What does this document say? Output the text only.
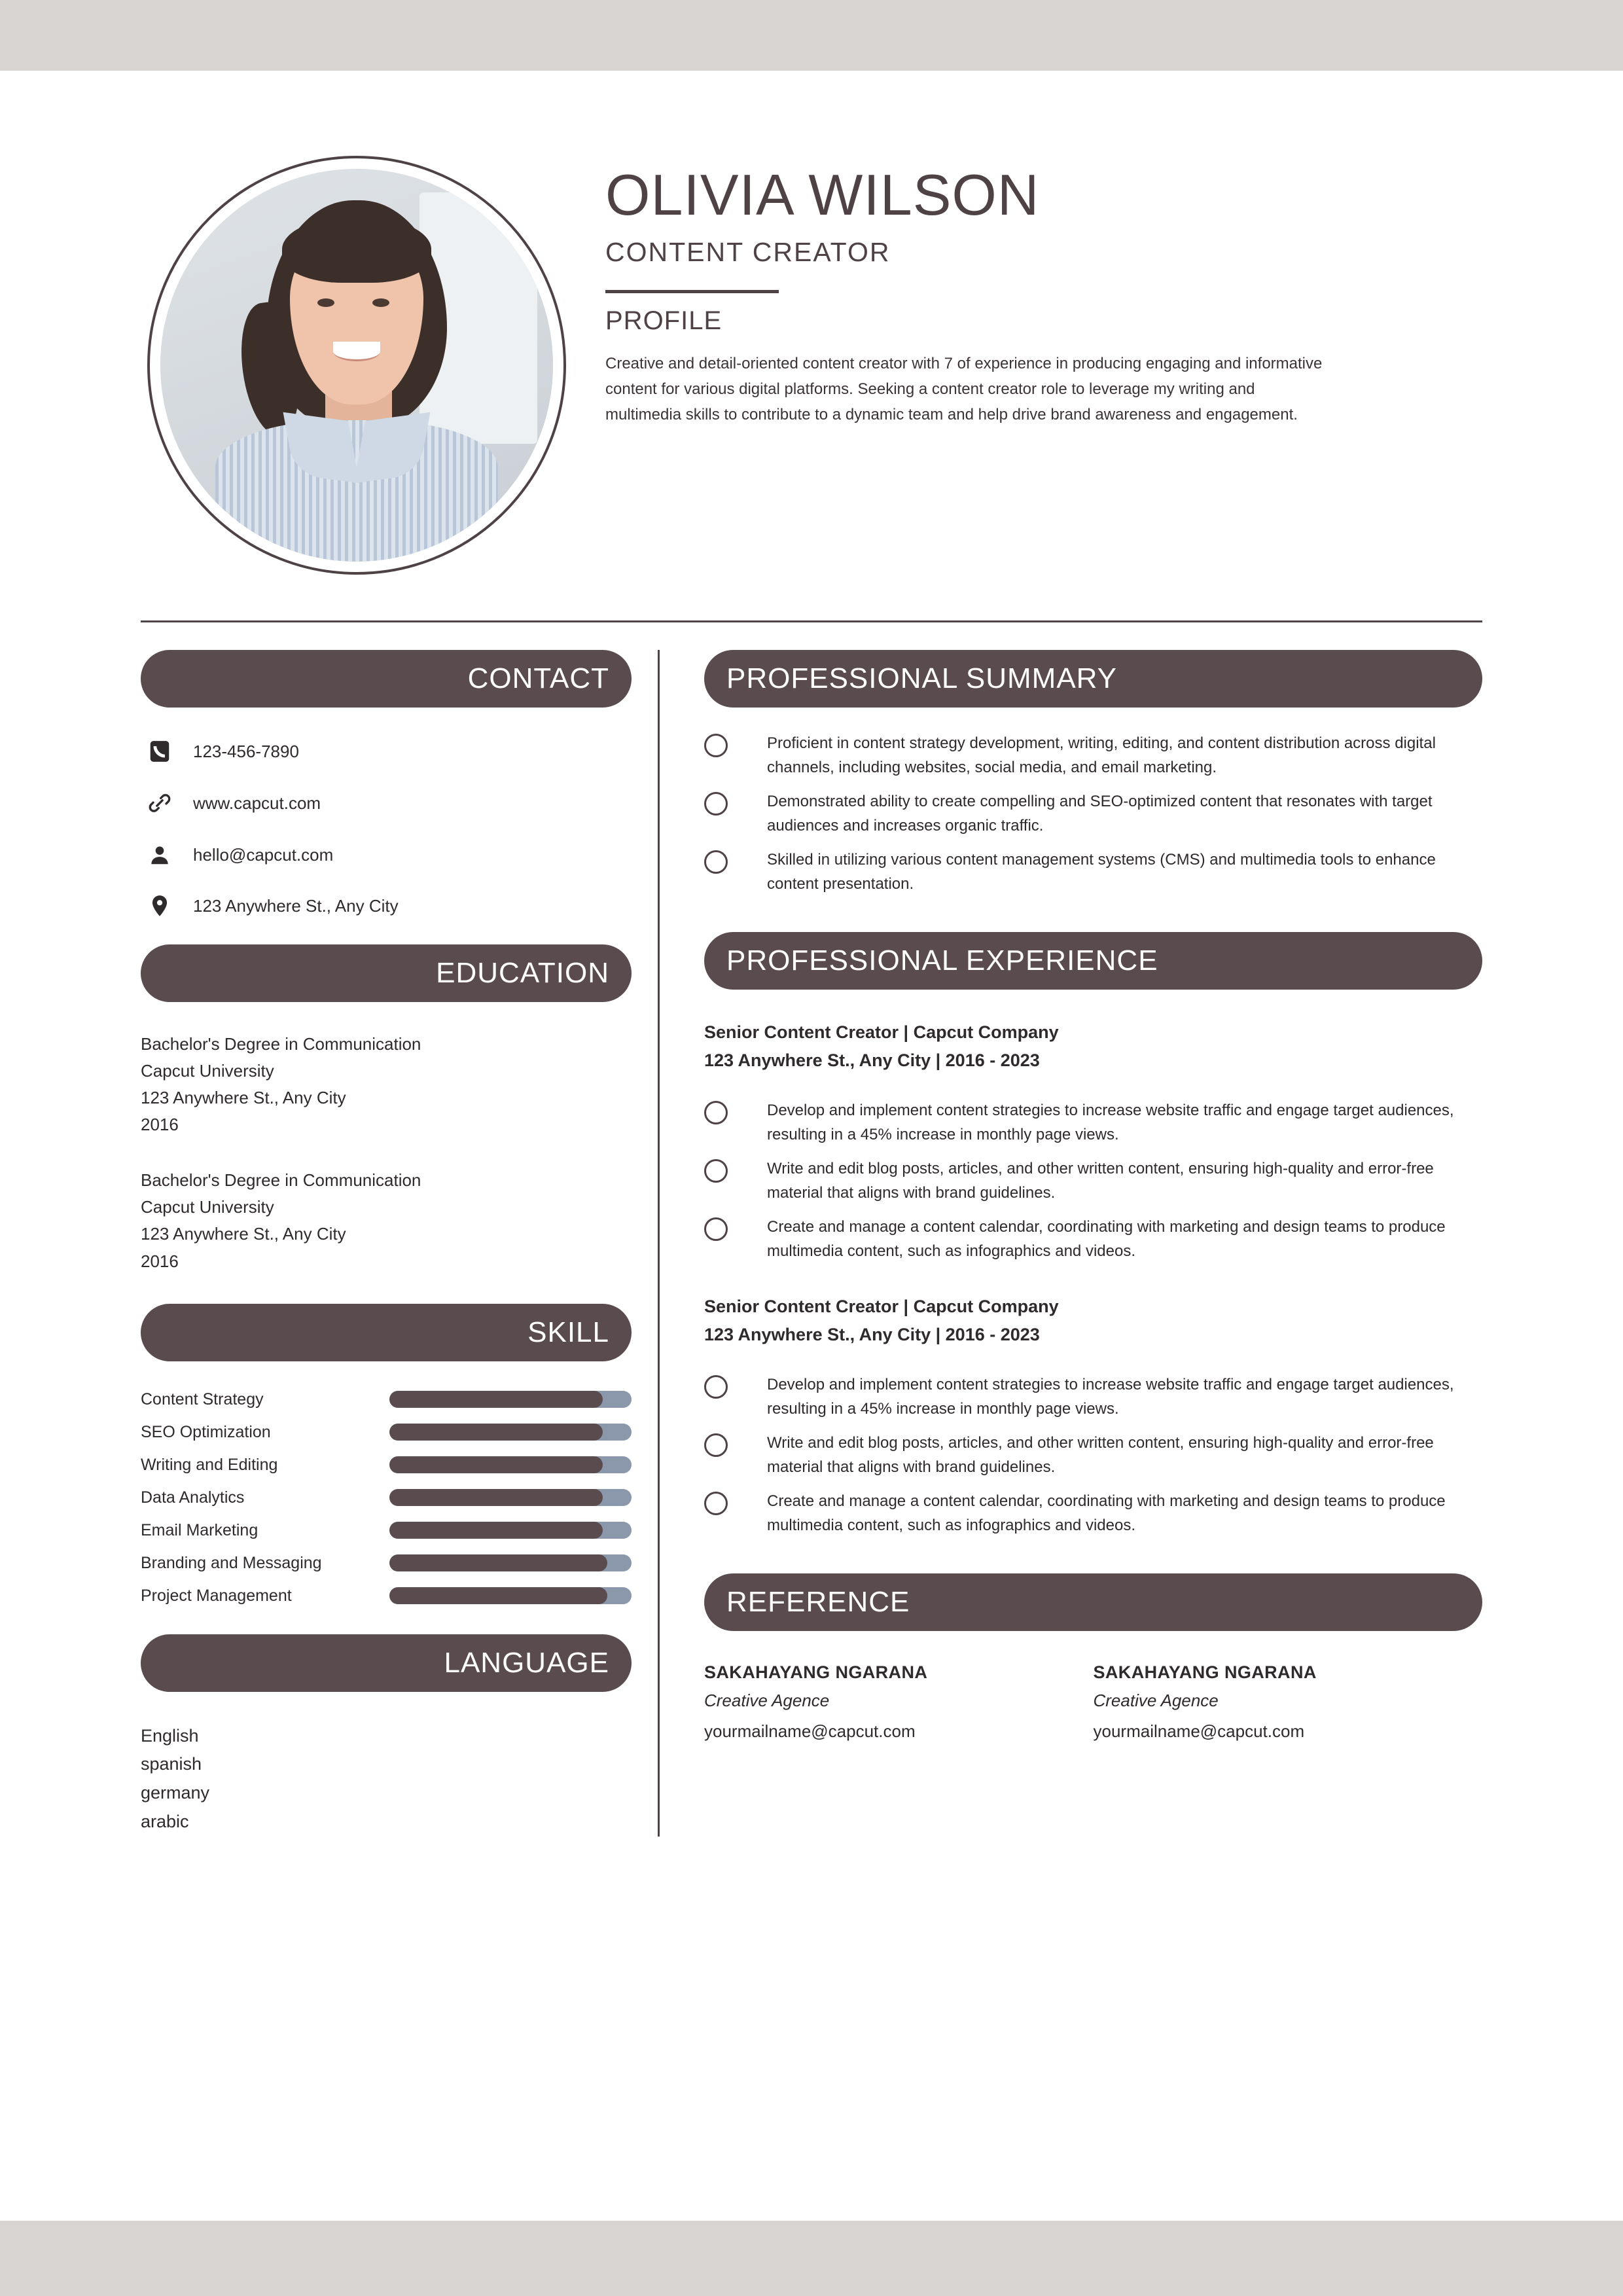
OLIVIA WILSON
CONTENT CREATOR
PROFILE
Creative and detail-oriented content creator with 7 of experience in producing engaging and informative content for various digital platforms. Seeking a content creator role to leverage my writing and multimedia skills to contribute to a dynamic team and help drive brand awareness and engagement.
CONTACT
123-456-7890
www.capcut.com
hello@capcut.com
123 Anywhere St., Any City
EDUCATION
Bachelor's Degree in Communication
Capcut University
123 Anywhere St., Any City
2016
Bachelor's Degree in Communication
Capcut University
123 Anywhere St., Any City
2016
SKILL
Content Strategy
SEO Optimization
Writing and Editing
Data Analytics
Email Marketing
Branding and Messaging
Project Management
LANGUAGE
English
spanish
germany
arabic
PROFESSIONAL SUMMARY
Proficient in content strategy development, writing, editing, and content distribution across digital channels, including websites, social media, and email marketing.
Demonstrated ability to create compelling and SEO-optimized content that resonates with target audiences and increases organic traffic.
Skilled in utilizing various content management systems (CMS) and multimedia tools to enhance content presentation.
PROFESSIONAL EXPERIENCE
Senior Content Creator | Capcut Company
123 Anywhere St., Any City | 2016 - 2023
Develop and implement content strategies to increase website traffic and engage target audiences, resulting in a 45% increase in monthly page views.
Write and edit blog posts, articles, and other written content, ensuring high-quality and error-free material that aligns with brand guidelines.
Create and manage a content calendar, coordinating with marketing and design teams to produce multimedia content, such as infographics and videos.
Senior Content Creator | Capcut Company
123 Anywhere St., Any City | 2016 - 2023
Develop and implement content strategies to increase website traffic and engage target audiences, resulting in a 45% increase in monthly page views.
Write and edit blog posts, articles, and other written content, ensuring high-quality and error-free material that aligns with brand guidelines.
Create and manage a content calendar, coordinating with marketing and design teams to produce multimedia content, such as infographics and videos.
REFERENCE
SAKAHAYANG NGARANA
Creative Agence
yourmailname@capcut.com
SAKAHAYANG NGARANA
Creative Agence
yourmailname@capcut.com
